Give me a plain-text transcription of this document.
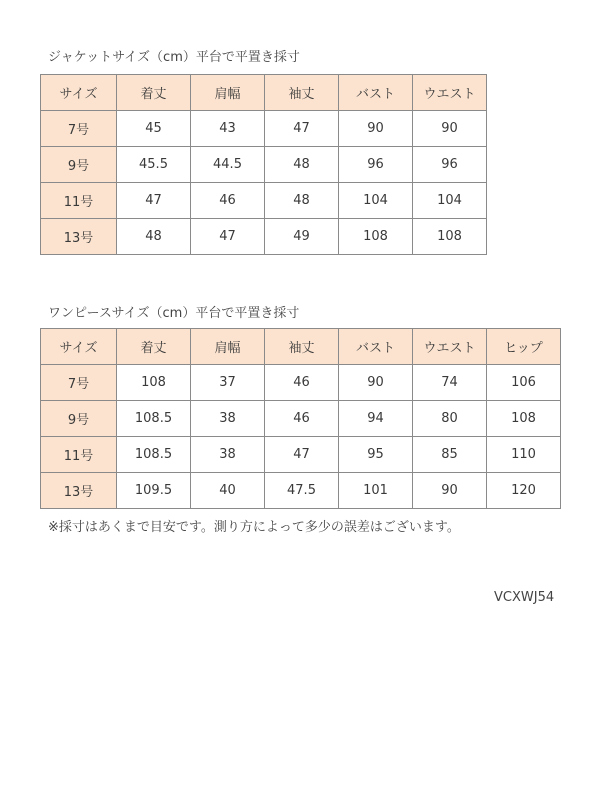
ジャケットサイズ（cm）平台で平置き採寸
サイズ	着丈	肩幅	袖丈	バスト	ウエスト
7号	45	43	47	90	90
9号	45.5	44.5	48	96	96
11号	47	46	48	104	104
13号	48	47	49	108	108
ワンピースサイズ（cm）平台で平置き採寸
サイズ	着丈	肩幅	袖丈	バスト	ウエスト	ヒップ
7号	108	37	46	90	74	106
9号	108.5	38	46	94	80	108
11号	108.5	38	47	95	85	110
13号	109.5	40	47.5	101	90	120
※採寸はあくまで目安です。測り方によって多少の誤差はございます。
VCXWJ54
